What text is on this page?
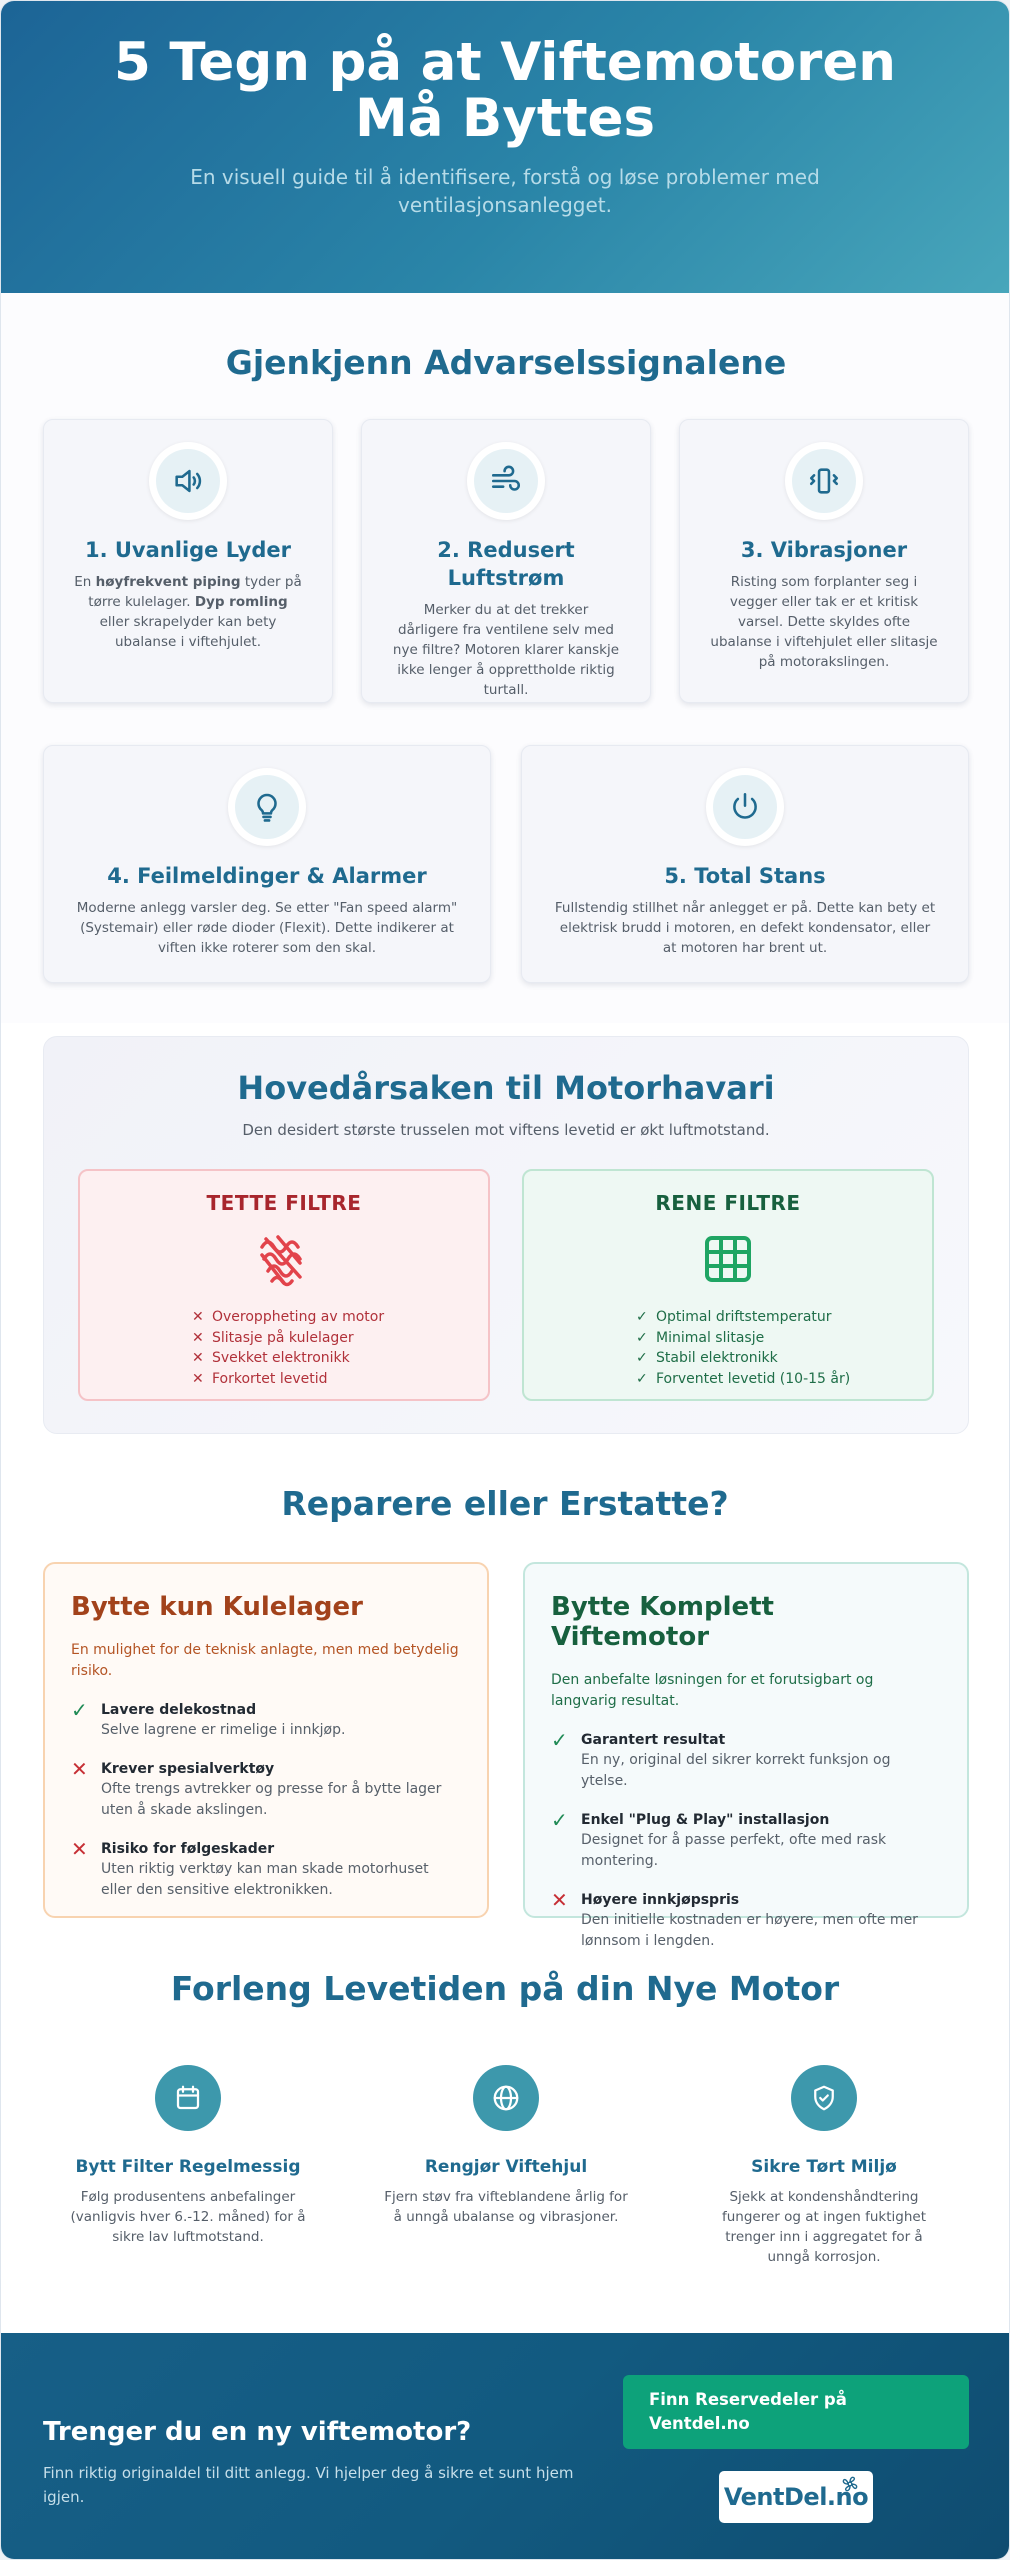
5 Tegn på at Viftemotoren Må Byttes

En visuell guide til å identifisere, forstå og løse problemer med ventilasjonsanlegget.

Gjenkjenn Advarselssignalene
1. Uvanlige Lyder

En høyfrekvent piping tyder på tørre kulelager. Dyp romling eller skrapelyder kan bety ubalanse i viftehjulet.

2. Redusert Luftstrøm

Merker du at det trekker dårligere fra ventilene selv med nye filtre? Motoren klarer kanskje ikke lenger å opprettholde riktig turtall.

3. Vibrasjoner

Risting som forplanter seg i vegger eller tak er et kritisk varsel. Dette skyldes ofte ubalanse i viftehjulet eller slitasje på motorakslingen.

4. Feilmeldinger & Alarmer

Moderne anlegg varsler deg. Se etter "Fan speed alarm" (Systemair) eller røde dioder (Flexit). Dette indikerer at viften ikke roterer som den skal.

5. Total Stans

Fullstendig stillhet når anlegget er på. Dette kan bety et elektrisk brudd i motoren, en defekt kondensator, eller at motoren har brent ut.

Hovedårsaken til Motorhavari

Den desidert største trusselen mot viftens levetid er økt luftmotstand.

TETTE FILTRE
✕ Overoppheting av motor
✕ Slitasje på kulelager
✕ Svekket elektronikk
✕ Forkortet levetid
RENE FILTRE
✓ Optimal driftstemperatur
✓ Minimal slitasje
✓ Stabil elektronikk
✓ Forventet levetid (10-15 år)
Reparere eller Erstatte?
Bytte kun Kulelager

En mulighet for de teknisk anlagte, men med betydelig risiko.

✓ Lavere delekostnad
Selve lagrene er rimelige i innkjøp.
✕ Krever spesialverktøy
Ofte trengs avtrekker og presse for å bytte lager uten å skade akslingen.
✕ Risiko for følgeskader
Uten riktig verktøy kan man skade motorhuset eller den sensitive elektronikken.
Bytte Komplett Viftemotor

Den anbefalte løsningen for et forutsigbart og langvarig resultat.

✓ Garantert resultat
En ny, original del sikrer korrekt funksjon og ytelse.
✓ Enkel "Plug & Play" installasjon
Designet for å passe perfekt, ofte med rask montering.
✕ Høyere innkjøpspris
Den initielle kostnaden er høyere, men ofte mer lønnsom i lengden.
Forleng Levetiden på din Nye Motor
Bytt Filter Regelmessig

Følg produsentens anbefalinger (vanligvis hver 6.-12. måned) for å sikre lav luftmotstand.

Rengjør Viftehjul

Fjern støv fra vifteblandene årlig for å unngå ubalanse og vibrasjoner.

Sikre Tørt Miljø

Sjekk at kondenshåndtering fungerer og at ingen fuktighet trenger inn i aggregatet for å unngå korrosjon.

Trenger du en ny viftemotor?

Finn riktig originaldel til ditt anlegg. Vi hjelper deg å sikre et sunt hjem igjen.

Finn Reservedeler på Ventdel.no
VentDel.no
